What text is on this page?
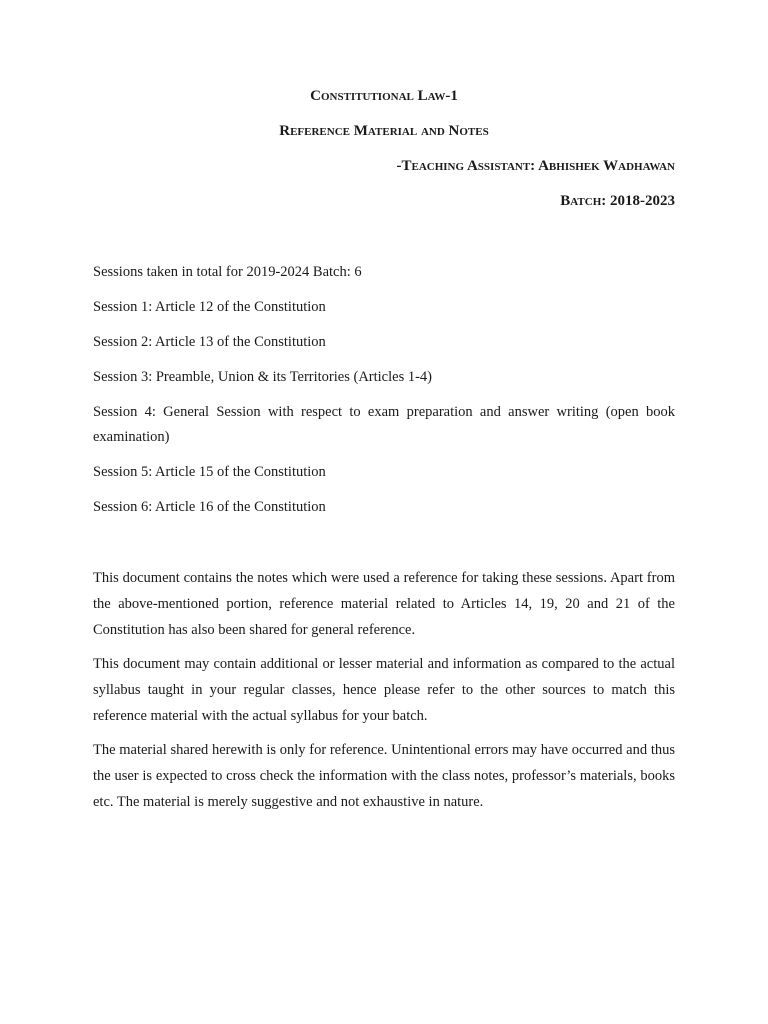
Constitutional Law-1
Reference Material and Notes
-Teaching Assistant: Abhishek Wadhawan
Batch: 2018-2023
Sessions taken in total for 2019-2024 Batch: 6
Session 1: Article 12 of the Constitution
Session 2: Article 13 of the Constitution
Session 3: Preamble, Union & its Territories (Articles 1-4)
Session 4: General Session with respect to exam preparation and answer writing (open book examination)
Session 5: Article 15 of the Constitution
Session 6: Article 16 of the Constitution

This document contains the notes which were used a reference for taking these sessions. Apart from the above-mentioned portion, reference material related to Articles 14, 19, 20 and 21 of the Constitution has also been shared for general reference.

This document may contain additional or lesser material and information as compared to the actual syllabus taught in your regular classes, hence please refer to the other sources to match this reference material with the actual syllabus for your batch.

The material shared herewith is only for reference. Unintentional errors may have occurred and thus the user is expected to cross check the information with the class notes, professor’s materials, books etc. The material is merely suggestive and not exhaustive in nature.
